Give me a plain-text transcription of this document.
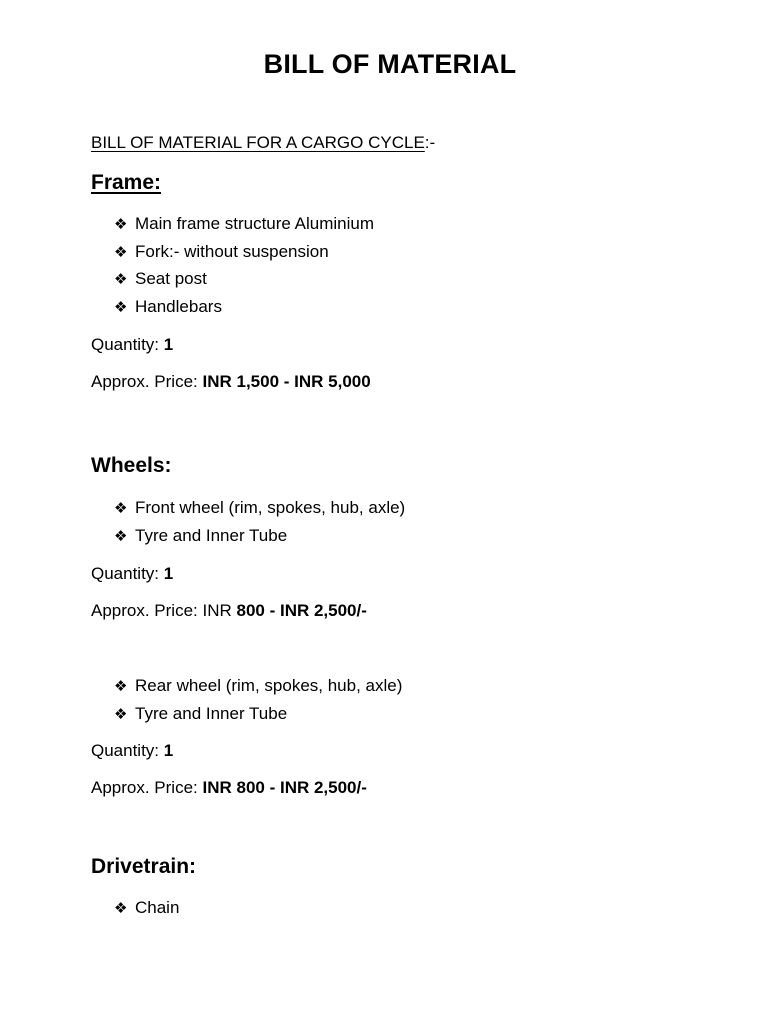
BILL OF MATERIAL
BILL OF MATERIAL FOR A CARGO CYCLE:-
Frame:
❖ Main frame structure Aluminium
❖ Fork:- without suspension
❖ Seat post
❖ Handlebars
Quantity: 1
Approx. Price: INR 1,500 - INR 5,000
Wheels:
❖ Front wheel (rim, spokes, hub, axle)
❖ Tyre and Inner Tube
Quantity: 1
Approx. Price: INR 800 - INR 2,500/-
❖ Rear wheel (rim, spokes, hub, axle)
❖ Tyre and Inner Tube
Quantity: 1
Approx. Price: INR 800 - INR 2,500/-
Drivetrain:
❖ Chain
